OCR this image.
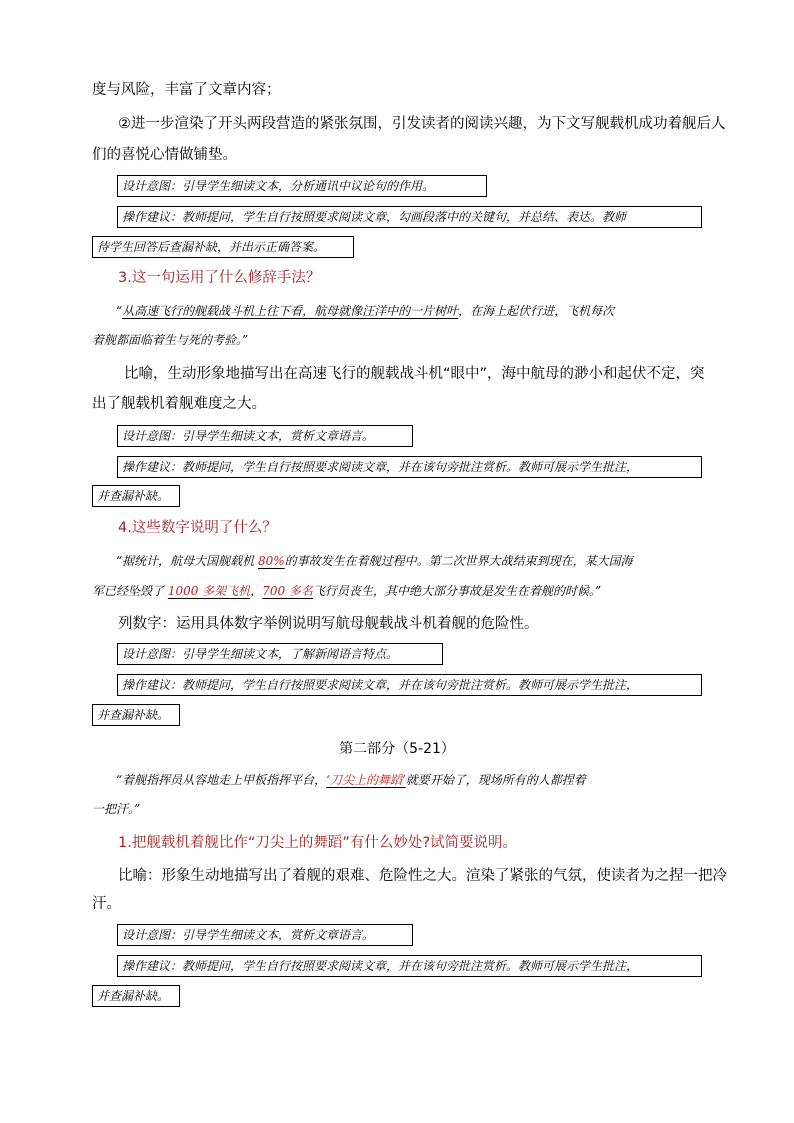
度与风险，丰富了文章内容；
②进一步渲染了开头两段营造的紧张氛围，引发读者的阅读兴趣，为下文写舰载机成功着舰后人
们的喜悦心情做铺垫。
设计意图：引导学生细读文本，分析通讯中议论句的作用。
操作建议：教师提问，学生自行按照要求阅读文章，勾画段落中的关键句，并总结、表达。教师
待学生回答后查漏补缺，并出示正确答案。
3.这一句运用了什么修辞手法？
“从高速飞行的舰载战斗机上往下看，航母就像汪洋中的一片树叶，在海上起伏行进，飞机每次
着舰都面临着生与死的考验。”
比喻，生动形象地描写出在高速飞行的舰载战斗机“眼中”，海中航母的渺小和起伏不定，突
出了舰载机着舰难度之大。
设计意图：引导学生细读文本，赏析文章语言。
操作建议：教师提问，学生自行按照要求阅读文章，并在该句旁批注赏析。教师可展示学生批注，
并查漏补缺。
4.这些数字说明了什么？
“据统计，航母大国舰载机 80%的事故发生在着舰过程中。第二次世界大战结束到现在，某大国海
军已经坠毁了 1000 多架飞机，700 多名飞行员丧生，其中绝大部分事故是发生在着舰的时候。”
列数字：运用具体数字举例说明写航母舰载战斗机着舰的危险性。
设计意图：引导学生细读文本，了解新闻语言特点。
操作建议：教师提问，学生自行按照要求阅读文章，并在该句旁批注赏析。教师可展示学生批注，
并查漏补缺。
第二部分（5-21）
“着舰指挥员从容地走上甲板指挥平台，‘刀尖上的舞蹈’就要开始了，现场所有的人都捏着
一把汗。”
1.把舰载机着舰比作“刀尖上的舞蹈”有什么妙处?试简要说明。
比喻：形象生动地描写出了着舰的艰难、危险性之大。渲染了紧张的气氛，使读者为之捏一把冷
汗。
设计意图：引导学生细读文本，赏析文章语言。
操作建议：教师提问，学生自行按照要求阅读文章，并在该句旁批注赏析。教师可展示学生批注，
并查漏补缺。
